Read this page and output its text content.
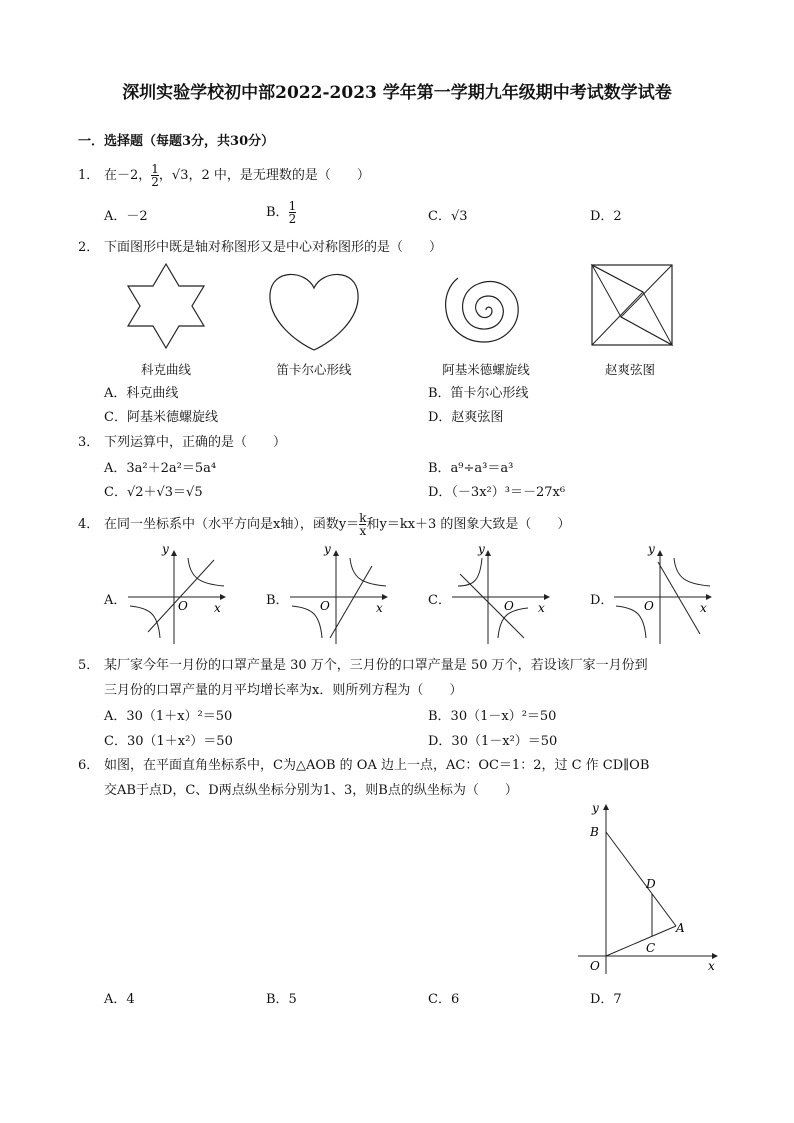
深圳实验学校初中部2022-2023 学年第一学期九年级期中考试数学试卷
一．选择题（每题3分，共30分）
1． 在－2， $\frac{1}{2}$ ，√3，2 中，是无理数的是（　　）
A．－2	B． $\frac{1}{2}$	C．√3	D．2
2． 下面图形中既是轴对称图形又是中心对称图形的是（　　）
科克曲线	笛卡尔心形线	阿基米德螺旋线	赵爽弦图
A．科克曲线	B．笛卡尔心形线
C．阿基米德螺旋线	D．赵爽弦图
3． 下列运算中，正确的是（　　）
A．3a²＋2a²＝5a⁴	B．a⁹÷a³＝a³
C．√2＋√3＝√5	D．（－3x²）³＝－27x⁶
4． 在同一坐标系中（水平方向是x轴），函数$y= \frac{k}{x}$ 和y＝kx＋3 的图象大致是（　　）
A．
y
x
O	B．
y
x
O	C．
y
x
O	D．
y
x
O
5． 某厂家今年一月份的口罩产量是 30 万个，三月份的口罩产量是 50 万个，若设该厂家一月份到
三月份的口罩产量的月平均增长率为x．则所列方程为（　　）
A．30（1＋x）²＝50	B．30（1－x）²＝50
C．30（1＋x²）＝50	D．30（1－x²）＝50
6． 如图，在平面直角坐标系中，C为△AOB 的 OA 边上一点，AC：OC＝1：2，过 C 作 CD∥OB
交AB于点D，C、D两点纵坐标分别为1、3，则B点的纵坐标为（　　）
y
x
O
B
D
A
C
A．4	B．5	C．6	D．7
